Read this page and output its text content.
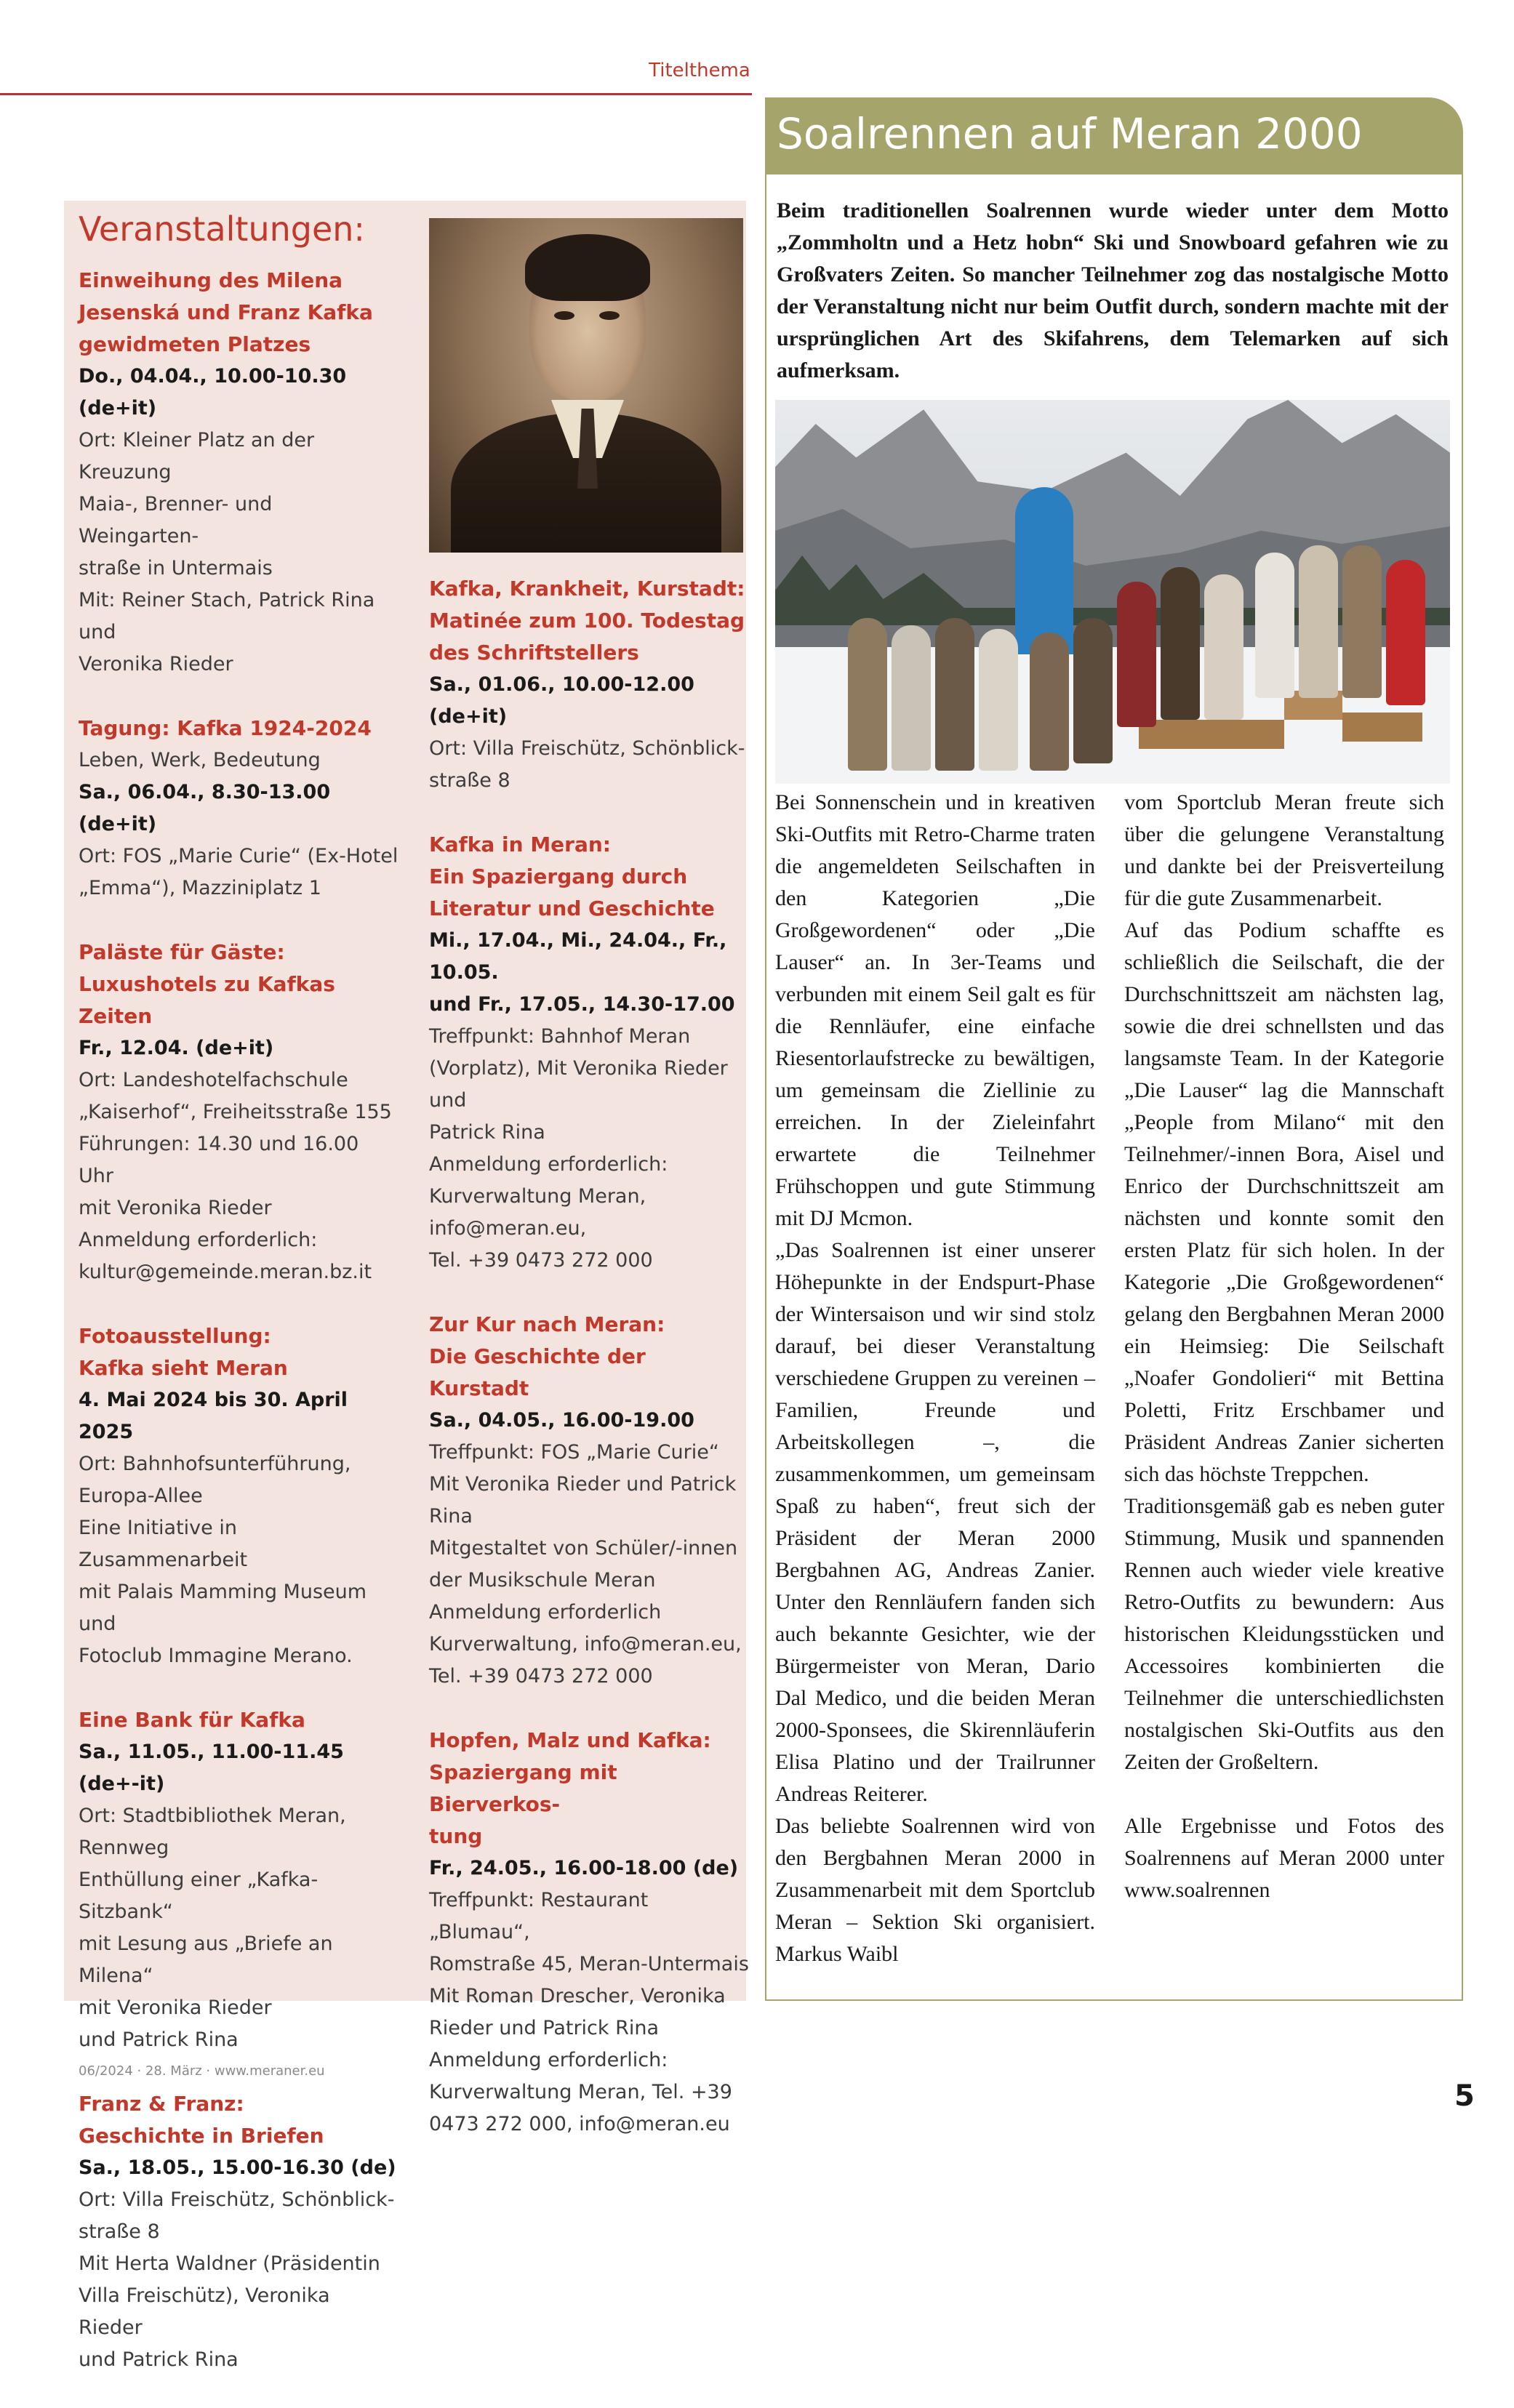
Titelthema
Veranstaltungen:
Einweihung des Milena
Jesenská und Franz Kafka
gewidmeten Platzes
Do., 04.04., 10.00-10.30 (de+it)
Ort: Kleiner Platz an der Kreuzung
Maia-, Brenner- und Weingarten-
straße in Untermais
Mit: Reiner Stach, Patrick Rina und
Veronika Rieder
Tagung: Kafka 1924-2024
Leben, Werk, Bedeutung
Sa., 06.04., 8.30-13.00 (de+it)
Ort: FOS „Marie Curie“ (Ex-Hotel
„Emma“), Mazziniplatz 1
Paläste für Gäste:
Luxushotels zu Kafkas Zeiten
Fr., 12.04. (de+it)
Ort: Landeshotelfachschule
„Kaiserhof“, Freiheitsstraße 155
Führungen: 14.30 und 16.00 Uhr
mit Veronika Rieder
Anmeldung erforderlich:
kultur@gemeinde.meran.bz.it
Fotoausstellung:
Kafka sieht Meran
4. Mai 2024 bis 30. April 2025
Ort: Bahnhofsunterführung,
Europa-Allee
Eine Initiative in Zusammenarbeit
mit Palais Mamming Museum und
Fotoclub Immagine Merano.
Eine Bank für Kafka
Sa., 11.05., 11.00-11.45 (de+-it)
Ort: Stadtbibliothek Meran,
Rennweg
Enthüllung einer „Kafka-Sitzbank“
mit Lesung aus „Briefe an Milena“
mit Veronika Rieder
und Patrick Rina
Franz & Franz:
Geschichte in Briefen
Sa., 18.05., 15.00-16.30 (de)
Ort: Villa Freischütz, Schönblick-
straße 8
Mit Herta Waldner (Präsidentin
Villa Freischütz), Veronika Rieder
und Patrick Rina
Kafka, Krankheit, Kurstadt:
Matinée zum 100. Todestag
des Schriftstellers
Sa., 01.06., 10.00-12.00 (de+it)
Ort: Villa Freischütz, Schönblick-
straße 8
Kafka in Meran:
Ein Spaziergang durch
Literatur und Geschichte
Mi., 17.04., Mi., 24.04., Fr., 10.05.
und Fr., 17.05., 14.30-17.00
Treffpunkt: Bahnhof Meran
(Vorplatz), Mit Veronika Rieder und
Patrick Rina
Anmeldung erforderlich:
Kurverwaltung Meran,
info@meran.eu,
Tel. +39 0473 272 000
Zur Kur nach Meran:
Die Geschichte der Kurstadt
Sa., 04.05., 16.00-19.00
Treffpunkt: FOS „Marie Curie“
Mit Veronika Rieder und Patrick
Rina
Mitgestaltet von Schüler/-innen
der Musikschule Meran
Anmeldung erforderlich
Kurverwaltung, info@meran.eu,
Tel. +39 0473 272 000
Hopfen, Malz und Kafka:
Spaziergang mit Bierverkos-
tung
Fr., 24.05., 16.00-18.00 (de)
Treffpunkt: Restaurant „Blumau“,
Romstraße 45, Meran-Untermais
Mit Roman Drescher, Veronika
Rieder und Patrick Rina
Anmeldung erforderlich:
Kurverwaltung Meran, Tel. +39
0473 272 000, info@meran.eu
Soalrennen auf Meran 2000
Beim traditionellen Soalrennen wurde wieder unter dem Motto „Zommholtn und a Hetz hobn“ Ski und Snowboard gefahren wie zu Großvaters Zeiten. So mancher Teilnehmer zog das nostalgische Motto der Veranstaltung nicht nur beim Outfit durch, sondern machte mit der ursprünglichen Art des Skifahrens, dem Telemarken auf sich aufmerksam.

Bei Sonnenschein und in kreativen Ski-Outfits mit Retro-Charme traten die angemeldeten Seilschaften in den Kategorien „Die Großgewordenen“ oder „Die Lauser“ an. In 3er-Teams und verbunden mit einem Seil galt es für die Rennläufer, eine einfache Riesentorlaufstrecke zu bewältigen, um gemeinsam die Ziellinie zu erreichen. In der Zieleinfahrt erwartete die Teilnehmer Frühschoppen und gute Stimmung mit DJ Mcmon.

„Das Soalrennen ist einer unserer Höhepunkte in der Endspurt-Phase der Wintersaison und wir sind stolz darauf, bei dieser Veranstaltung verschiedene Gruppen zu vereinen – Familien, Freunde und Arbeitskollegen –, die zusammenkommen, um gemeinsam Spaß zu haben“, freut sich der Präsident der Meran 2000 Bergbahnen AG, Andreas Zanier. Unter den Rennläufern fanden sich auch bekannte Gesichter, wie der Bürgermeister von Meran, Dario Dal Medico, und die beiden Meran 2000-Sponsees, die Skirennläuferin Elisa Platino und der Trailrunner Andreas Reiterer.

Das beliebte Soalrennen wird von den Bergbahnen Meran 2000 in Zusammenarbeit mit dem Sportclub Meran – Sektion Ski organisiert. Markus Waibl

vom Sportclub Meran freute sich über die gelungene Veranstaltung und dankte bei der Preisverteilung für die gute Zusammenarbeit.

Auf das Podium schaffte es schließlich die Seilschaft, die der Durchschnittszeit am nächsten lag, sowie die drei schnellsten und das langsamste Team. In der Kategorie „Die Lauser“ lag die Mannschaft „People from Milano“ mit den Teilnehmer/-innen Bora, Aisel und Enrico der Durchschnittszeit am nächsten und konnte somit den ersten Platz für sich holen. In der Kategorie „Die Großgewordenen“ gelang den Bergbahnen Meran 2000 ein Heimsieg: Die Seilschaft „Noafer Gondolieri“ mit Bettina Poletti, Fritz Erschbamer und Präsident Andreas Zanier sicherten sich das höchste Treppchen.

Traditionsgemäß gab es neben guter Stimmung, Musik und spannenden Rennen auch wieder viele kreative Retro-Outfits zu bewundern: Aus historischen Kleidungsstücken und Accessoires kombinierten die Teilnehmer die unterschiedlichsten nostalgischen Ski-Outfits aus den Zeiten der Großeltern.

Alle Ergebnisse und Fotos des Soalrennens auf Meran 2000 unter www.soalrennen

06/2024 · 28. März · www.meraner.eu
5
